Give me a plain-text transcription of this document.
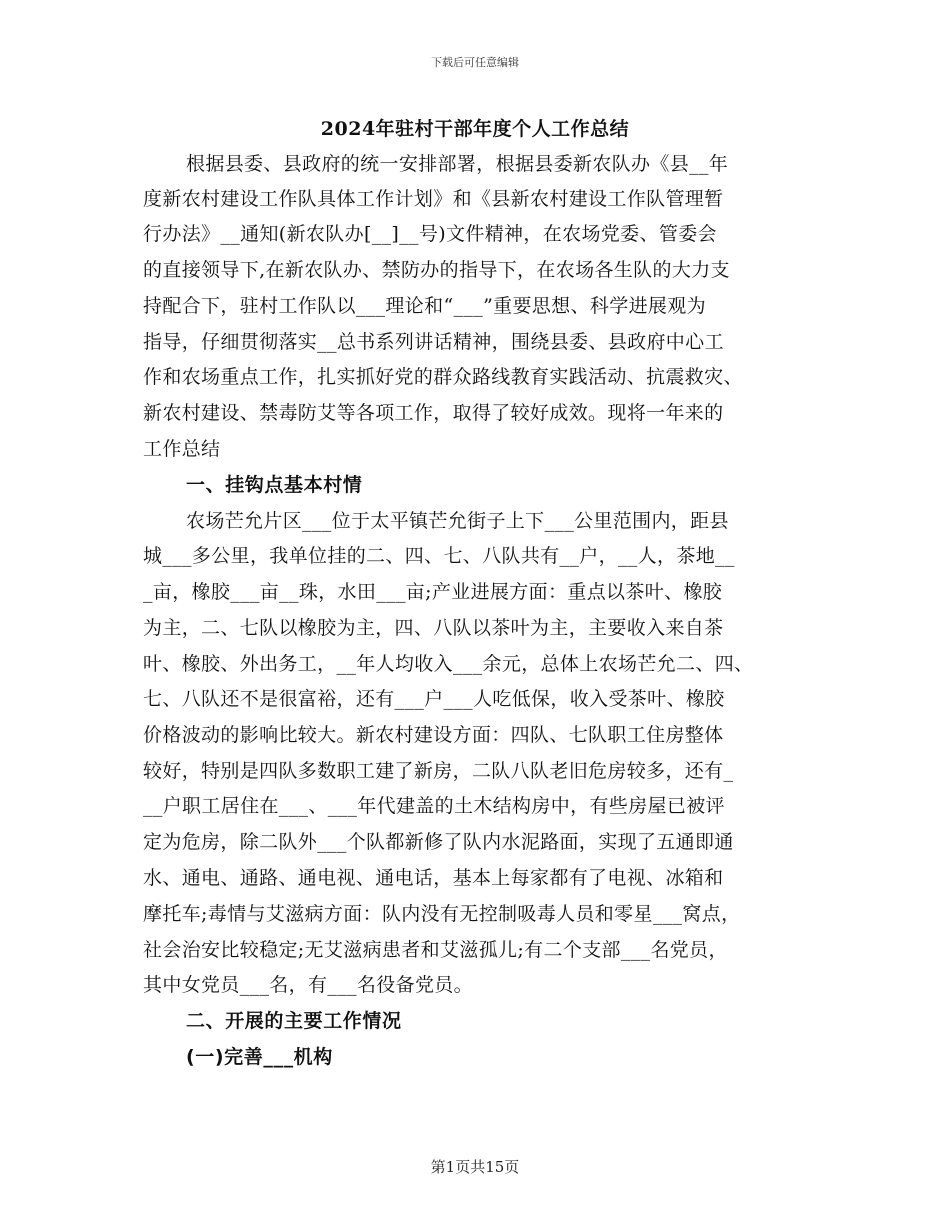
下载后可任意编辑
2024年驻村干部年度个人工作总结
根据县委、县政府的统一安排部署，根据县委新农队办《县__年
度新农村建设工作队具体工作计划》和《县新农村建设工作队管理暂
行办法》__通知(新农队办[__]__号)文件精神，在农场党委、管委会
的直接领导下,在新农队办、禁防办的指导下，在农场各生队的大力支
持配合下，驻村工作队以___理论和“___”重要思想、科学进展观为
指导，仔细贯彻落实__总书系列讲话精神，围绕县委、县政府中心工
作和农场重点工作，扎实抓好党的群众路线教育实践活动、抗震救灾、
新农村建设、禁毒防艾等各项工作，取得了较好成效。现将一年来的
工作总结
一、挂钩点基本村情
农场芒允片区___位于太平镇芒允街子上下___公里范围内，距县
城___多公里，我单位挂的二、四、七、八队共有__户，__人，茶地__
_亩，橡胶___亩__珠，水田___亩;产业进展方面：重点以茶叶、橡胶
为主，二、七队以橡胶为主，四、八队以茶叶为主，主要收入来自茶
叶、橡胶、外出务工，__年人均收入___余元，总体上农场芒允二、四、
七、八队还不是很富裕，还有___户___人吃低保，收入受茶叶、橡胶
价格波动的影响比较大。新农村建设方面：四队、七队职工住房整体
较好，特别是四队多数职工建了新房，二队八队老旧危房较多，还有_
__户职工居住在___、___年代建盖的土木结构房中，有些房屋已被评
定为危房，除二队外___个队都新修了队内水泥路面，实现了五通即通
水、通电、通路、通电视、通电话，基本上每家都有了电视、冰箱和
摩托车;毒情与艾滋病方面：队内没有无控制吸毒人员和零星___窝点，
社会治安比较稳定;无艾滋病患者和艾滋孤儿;有二个支部___名党员，
其中女党员___名，有___名役备党员。
二、开展的主要工作情况
(一)完善___机构
第1页共15页
